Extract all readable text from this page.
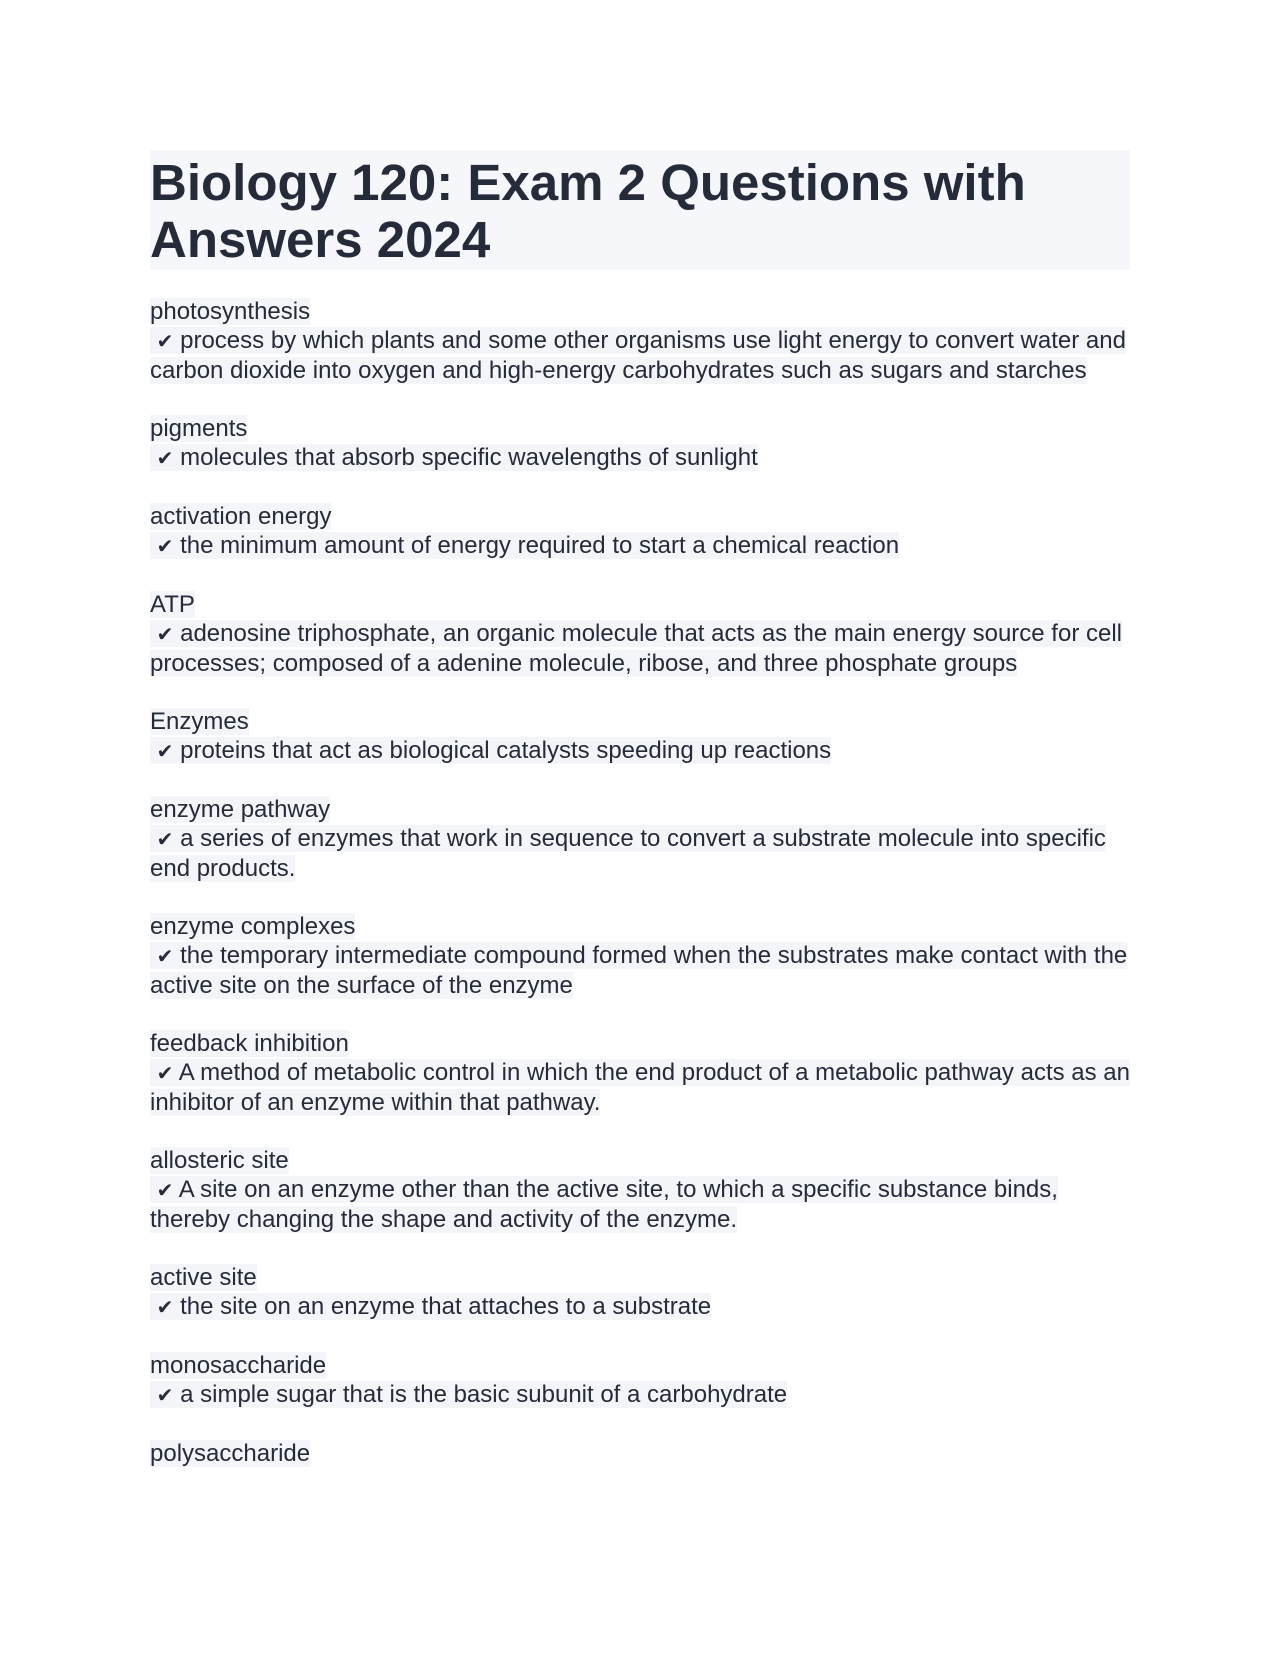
Biology 120: Exam 2 Questions with Answers 2024
photosynthesis
✔ process by which plants and some other organisms use light energy to convert water and carbon dioxide into oxygen and high-energy carbohydrates such as sugars and starches
pigments
✔ molecules that absorb specific wavelengths of sunlight
activation energy
✔ the minimum amount of energy required to start a chemical reaction
ATP
✔ adenosine triphosphate, an organic molecule that acts as the main energy source for cell processes; composed of a adenine molecule, ribose, and three phosphate groups
Enzymes
✔ proteins that act as biological catalysts speeding up reactions
enzyme pathway
✔ a series of enzymes that work in sequence to convert a substrate molecule into specific end products.
enzyme complexes
✔ the temporary intermediate compound formed when the substrates make contact with the active site on the surface of the enzyme
feedback inhibition
✔ A method of metabolic control in which the end product of a metabolic pathway acts as an inhibitor of an enzyme within that pathway.
allosteric site
✔ A site on an enzyme other than the active site, to which a specific substance binds, thereby changing the shape and activity of the enzyme.
active site
✔ the site on an enzyme that attaches to a substrate
monosaccharide
✔ a simple sugar that is the basic subunit of a carbohydrate
polysaccharide
